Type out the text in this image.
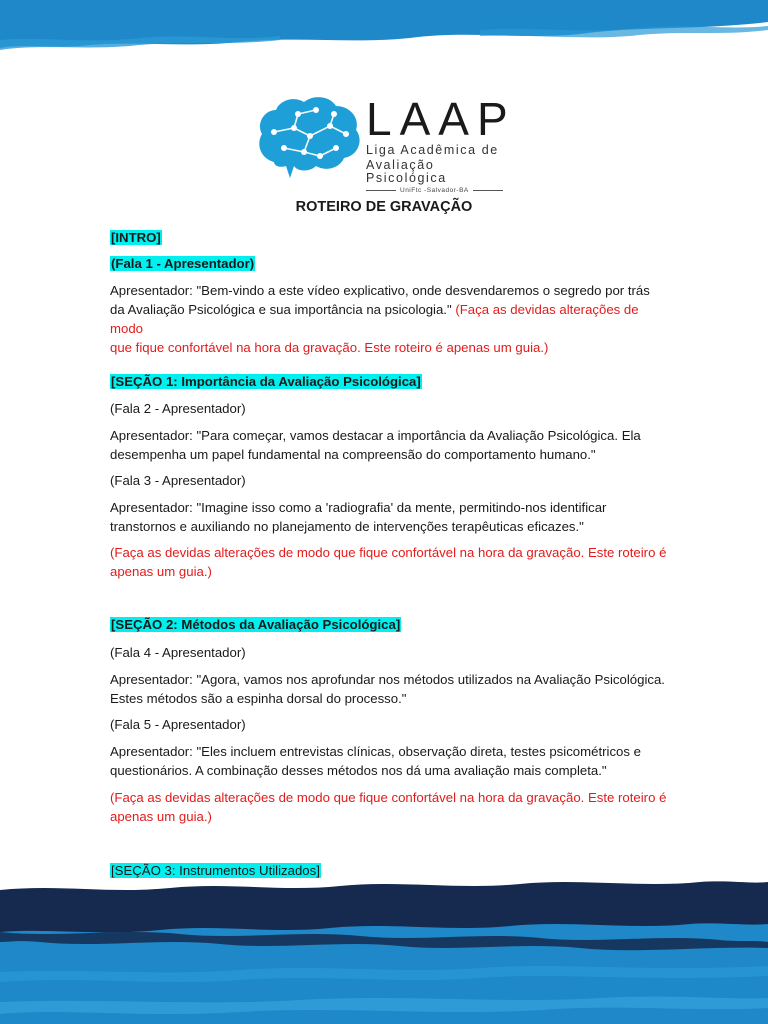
LAAP
Liga Acadêmica de
Avaliação Psicológica
UniFtc -Salvador-BA
ROTEIRO DE GRAVAÇÃO

[INTRO]

(Fala 1 - Apresentador)

Apresentador: "Bem-vindo a este vídeo explicativo, onde desvendaremos o segredo por trás
da Avaliação Psicológica e sua importância na psicologia." (Faça as devidas alterações de modo
que fique confortável na hora da gravação. Este roteiro é apenas um guia.)

[SEÇÃO 1: Importância da Avaliação Psicológica]

(Fala 2 - Apresentador)

Apresentador: "Para começar, vamos destacar a importância da Avaliação Psicológica. Ela
desempenha um papel fundamental na compreensão do comportamento humano."

(Fala 3 - Apresentador)

Apresentador: "Imagine isso como a 'radiografia' da mente, permitindo-nos identificar
transtornos e auxiliando no planejamento de intervenções terapêuticas eficazes."

(Faça as devidas alterações de modo que fique confortável na hora da gravação. Este roteiro é
apenas um guia.)

[SEÇÃO 2: Métodos da Avaliação Psicológica]

(Fala 4 - Apresentador)

Apresentador: "Agora, vamos nos aprofundar nos métodos utilizados na Avaliação Psicológica.
Estes métodos são a espinha dorsal do processo."

(Fala 5 - Apresentador)

Apresentador: "Eles incluem entrevistas clínicas, observação direta, testes psicométricos e
questionários. A combinação desses métodos nos dá uma avaliação mais completa."

(Faça as devidas alterações de modo que fique confortável na hora da gravação. Este roteiro é
apenas um guia.)

[SEÇÃO 3: Instrumentos Utilizados]
